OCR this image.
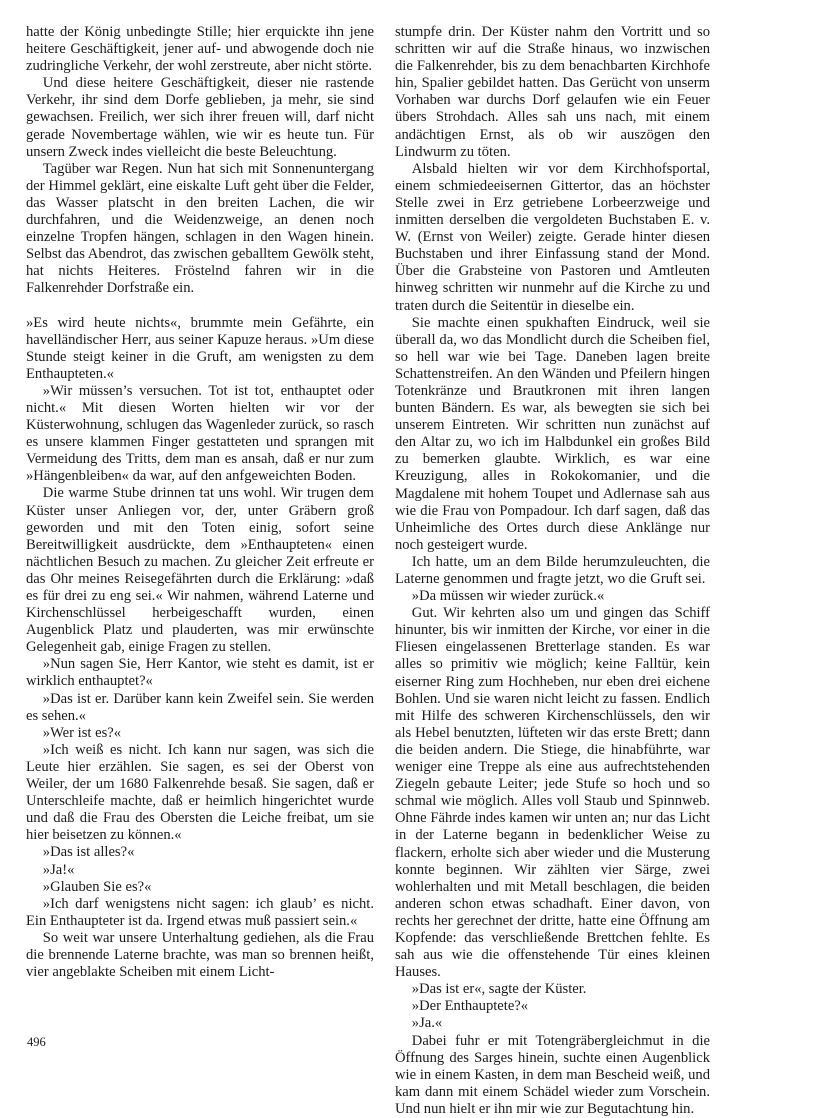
hatte der König unbedingte Stille; hier erquickte ihn jene heitere Geschäftigkeit, jener auf- und abwogende doch nie zudringliche Verkehr, der wohl zerstreute, aber nicht störte.

Und diese heitere Geschäftigkeit, dieser nie rastende Verkehr, ihr sind dem Dorfe geblieben, ja mehr, sie sind gewachsen. Freilich, wer sich ihrer freuen will, darf nicht gerade Novembertage wählen, wie wir es heute tun. Für unsern Zweck indes vielleicht die beste Beleuchtung.

Tagüber war Regen. Nun hat sich mit Sonnenuntergang der Himmel geklärt, eine eiskalte Luft geht über die Felder, das Wasser platscht in den breiten Lachen, die wir durchfahren, und die Weidenzweige, an denen noch einzelne Tropfen hängen, schlagen in den Wagen hinein. Selbst das Abendrot, das zwischen geballtem Gewölk steht, hat nichts Heiteres. Fröstelnd fahren wir in die Falkenrehder Dorfstraße ein.

»Es wird heute nichts«, brummte mein Gefährte, ein havelländischer Herr, aus seiner Kapuze heraus. »Um diese Stunde steigt keiner in die Gruft, am wenigsten zu dem Enthaupteten.«

»Wir müssen’s versuchen. Tot ist tot, enthauptet oder nicht.« Mit diesen Worten hielten wir vor der Küsterwohnung, schlugen das Wagenleder zurück, so rasch es unsere klammen Finger gestatteten und sprangen mit Vermeidung des Tritts, dem man es ansah, daß er nur zum »Hängenbleiben« da war, auf den anfgeweichten Boden.

Die warme Stube drinnen tat uns wohl. Wir trugen dem Küster unser Anliegen vor, der, unter Gräbern groß geworden und mit den Toten einig, sofort seine Bereitwilligkeit ausdrückte, dem »Enthaupteten« einen nächtlichen Besuch zu machen. Zu gleicher Zeit erfreute er das Ohr meines Reisegefährten durch die Erklärung: »daß es für drei zu eng sei.« Wir nahmen, während Laterne und Kirchenschlüssel herbeigeschafft wurden, einen Augenblick Platz und plauderten, was mir erwünschte Gelegenheit gab, einige Fragen zu stellen.

»Nun sagen Sie, Herr Kantor, wie steht es damit, ist er wirklich enthauptet?«

»Das ist er. Darüber kann kein Zweifel sein. Sie werden es sehen.«

»Wer ist es?«

»Ich weiß es nicht. Ich kann nur sagen, was sich die Leute hier erzählen. Sie sagen, es sei der Oberst von Weiler, der um 1680 Falkenrehde besaß. Sie sagen, daß er Unterschleife machte, daß er heimlich hingerichtet wurde und daß die Frau des Obersten die Leiche freibat, um sie hier beisetzen zu können.«

»Das ist alles?«

»Ja!«

»Glauben Sie es?«

»Ich darf wenigstens nicht sagen: ich glaub’ es nicht. Ein Enthaupteter ist da. Irgend etwas muß passiert sein.«

So weit war unsere Unterhaltung gediehen, als die Frau die brennende Laterne brachte, was man so brennen heißt, vier angeblakte Scheiben mit einem Licht-

stumpfe drin. Der Küster nahm den Vortritt und so schritten wir auf die Straße hinaus, wo inzwischen die Falkenrehder, bis zu dem benachbarten Kirchhofe hin, Spalier gebildet hatten. Das Gerücht von unserm Vorhaben war durchs Dorf gelaufen wie ein Feuer übers Strohdach. Alles sah uns nach, mit einem andächtigen Ernst, als ob wir auszögen den Lindwurm zu töten.

Alsbald hielten wir vor dem Kirchhofsportal, einem schmiedeeisernen Gittertor, das an höchster Stelle zwei in Erz getriebene Lorbeerzweige und inmitten derselben die vergoldeten Buchstaben E. v. W. (Ernst von Weiler) zeigte. Gerade hinter diesen Buchstaben und ihrer Einfassung stand der Mond. Über die Grabsteine von Pastoren und Amtleuten hinweg schritten wir nunmehr auf die Kirche zu und traten durch die Seitentür in dieselbe ein.

Sie machte einen spukhaften Eindruck, weil sie überall da, wo das Mondlicht durch die Scheiben fiel, so hell war wie bei Tage. Daneben lagen breite Schattenstreifen. An den Wänden und Pfeilern hingen Totenkränze und Brautkronen mit ihren langen bunten Bändern. Es war, als bewegten sie sich bei unserem Eintreten. Wir schritten nun zunächst auf den Altar zu, wo ich im Halbdunkel ein großes Bild zu bemerken glaubte. Wirklich, es war eine Kreuzigung, alles in Rokokomanier, und die Magdalene mit hohem Toupet und Adlernase sah aus wie die Frau von Pompadour. Ich darf sagen, daß das Unheimliche des Ortes durch diese Anklänge nur noch gesteigert wurde.

Ich hatte, um an dem Bilde herumzuleuchten, die Laterne genommen und fragte jetzt, wo die Gruft sei.

»Da müssen wir wieder zurück.«

Gut. Wir kehrten also um und gingen das Schiff hinunter, bis wir inmitten der Kirche, vor einer in die Fliesen eingelassenen Bretterlage standen. Es war alles so primitiv wie möglich; keine Falltür, kein eiserner Ring zum Hochheben, nur eben drei eichene Bohlen. Und sie waren nicht leicht zu fassen. Endlich mit Hilfe des schweren Kirchenschlüssels, den wir als Hebel benutzten, lüfteten wir das erste Brett; dann die beiden andern. Die Stiege, die hinabführte, war weniger eine Treppe als eine aus aufrechtstehenden Ziegeln gebaute Leiter; jede Stufe so hoch und so schmal wie möglich. Alles voll Staub und Spinnweb. Ohne Fährde indes kamen wir unten an; nur das Licht in der Laterne begann in bedenklicher Weise zu flackern, erholte sich aber wieder und die Musterung konnte beginnen. Wir zählten vier Särge, zwei wohlerhalten und mit Metall beschlagen, die beiden anderen schon etwas schadhaft. Einer davon, von rechts her gerechnet der dritte, hatte eine Öffnung am Kopfende: das verschließende Brettchen fehlte. Es sah aus wie die offenstehende Tür eines kleinen Hauses.

»Das ist er«, sagte der Küster.

»Der Enthauptete?«

»Ja.«

Dabei fuhr er mit Totengräbergleichmut in die Öffnung des Sarges hinein, suchte einen Augenblick wie in einem Kasten, in dem man Bescheid weiß, und kam dann mit einem Schädel wieder zum Vorschein. Und nun hielt er ihn mir wie zur Begutachtung hin.

496
